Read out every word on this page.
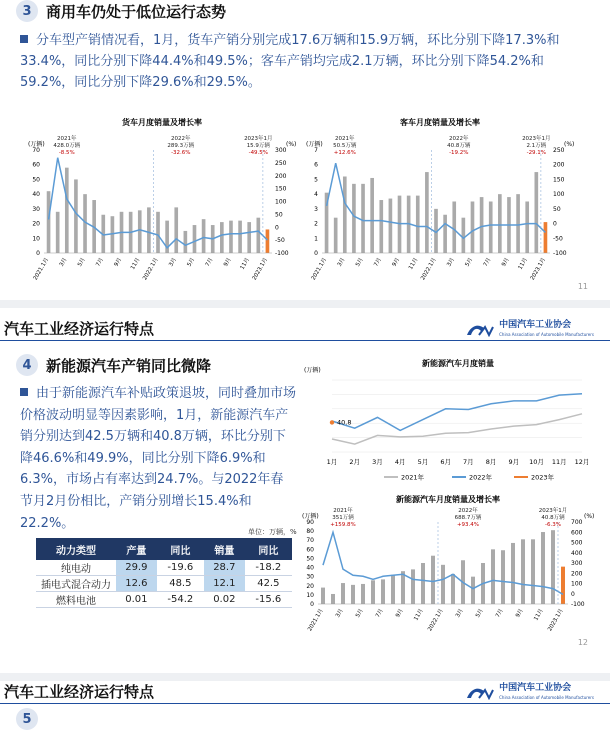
3 商用车仍处于低位运行态势
分车型产销情况看，1月，货车产销分别完成17.6万辆和15.9万辆，环比分别下降17.3%和33.4%，同比分别下降44.4%和49.5%；客车产销均完成2.1万辆，环比分别下降54.2%和59.2%，同比分别下降29.6%和29.5%。
货车月度销量及增长率
(万辆)	(%)
0
10
20
30
40
50
60
70
-100
-50
0
50
100
150
200
250
300
2021.1月	3月	5月	7月	9月	11月 2022.1月	3月	5月	7月	9月	11月 2023.1月
2021年
428.0万辆
-8.5%
2022年
289.3万辆
-32.6%
2023年1月
15.9万辆
-49.5%
客车月度销量及增长率
(万辆)	(%)
0
1
2
3
4
5
6
7
-100
-50
0
50
100
150
200
250
2021.1月	3月	5月	7月	9月	11月 2022.1月	3月	5月	7月	9月	11月 2023.1月
2021年
50.5万辆
+12.6%
2022年
40.8万辆
-19.2%
2023年1月
2.1万辆
-29.1%
11
汽车工业经济运行特点	中国汽车工业协会
China Association of Automobile Manufacturers
4 新能源汽车产销同比微降
由于新能源汽车补贴政策退坡，同时叠加市场价格波动明显等因素影响，1月，新能源汽车产销分别达到42.5万辆和40.8万辆，环比分别下降46.6%和49.9%，同比分别下降6.9%和6.3%，市场占有率达到24.7%。与2022年春节月2月份相比，产销分别增长15.4%和22.2%。
单位：万辆，%
动力类型	产量	同比	销量	同比
纯电动	29.9	-19.6	28.7	-18.2
插电式混合动力	12.6	48.5	12.1	42.5
燃料电池	0.01	-54.2	0.02	-15.6
新能源汽车月度销量
(万辆)
1月 2月 3月 4月 5月 6月 7月 8月 9月 10月 11月 12月
40.8
2021年	2022年	2023年
新能源汽车月度销量及增长率
(万辆)	(%)
0
10
20
30
40
50
60
70
80
90
-100
0
100
200
300
400
500
600
700
2021.1月	3月	5月	7月	9月	11月 2022.1月	3月	5月	7月	9月	11月 2023.1月
2021年
351万辆
+159.8%
2022年
688.7万辆
+93.4%
2023年1月
40.8万辆
-6.3%
12
汽车工业经济运行特点	中国汽车工业协会
China Association of Automobile Manufacturers
5
